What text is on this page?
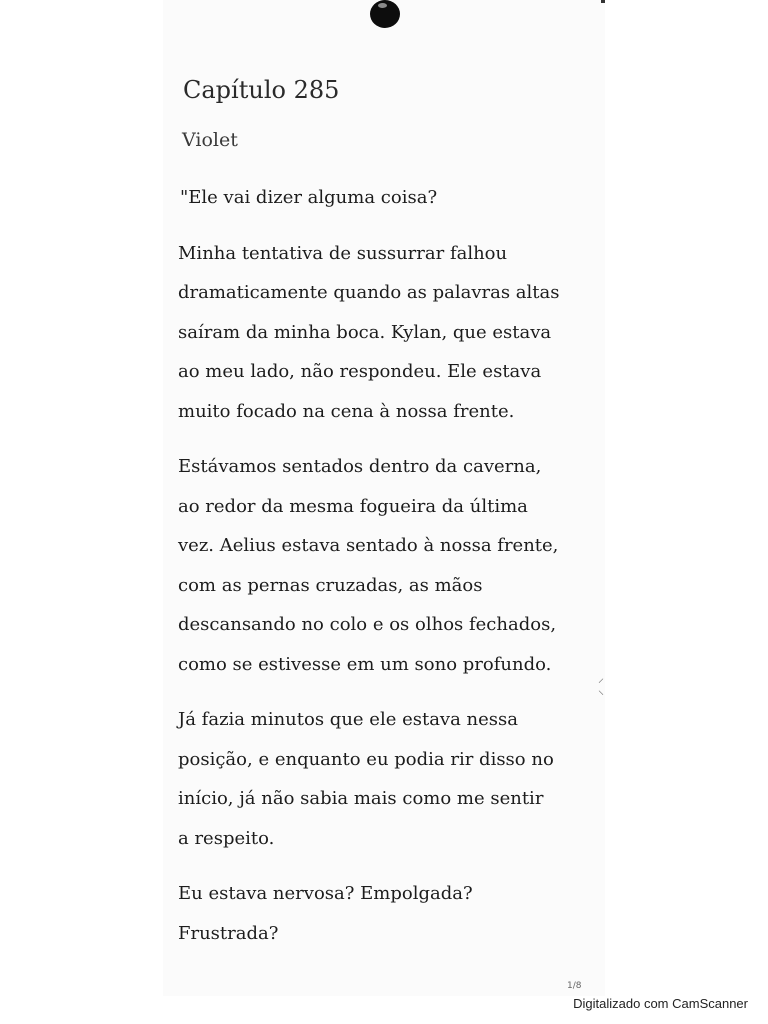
Capítulo 285
Violet

"Ele vai dizer alguma coisa?

Minha tentativa de sussurrar falhou
dramaticamente quando as palavras altas
saíram da minha boca. Kylan, que estava
ao meu lado, não respondeu. Ele estava
muito focado na cena à nossa frente.

Estávamos sentados dentro da caverna,
ao redor da mesma fogueira da última
vez. Aelius estava sentado à nossa frente,
com as pernas cruzadas, as mãos
descansando no colo e os olhos fechados,
como se estivesse em um sono profundo.

Já fazia minutos que ele estava nessa
posição, e enquanto eu podia rir disso no
início, já não sabia mais como me sentir
a respeito.

Eu estava nervosa? Empolgada?
Frustrada?

⸝
⸜
1/8
Digitalizado com CamScanner
